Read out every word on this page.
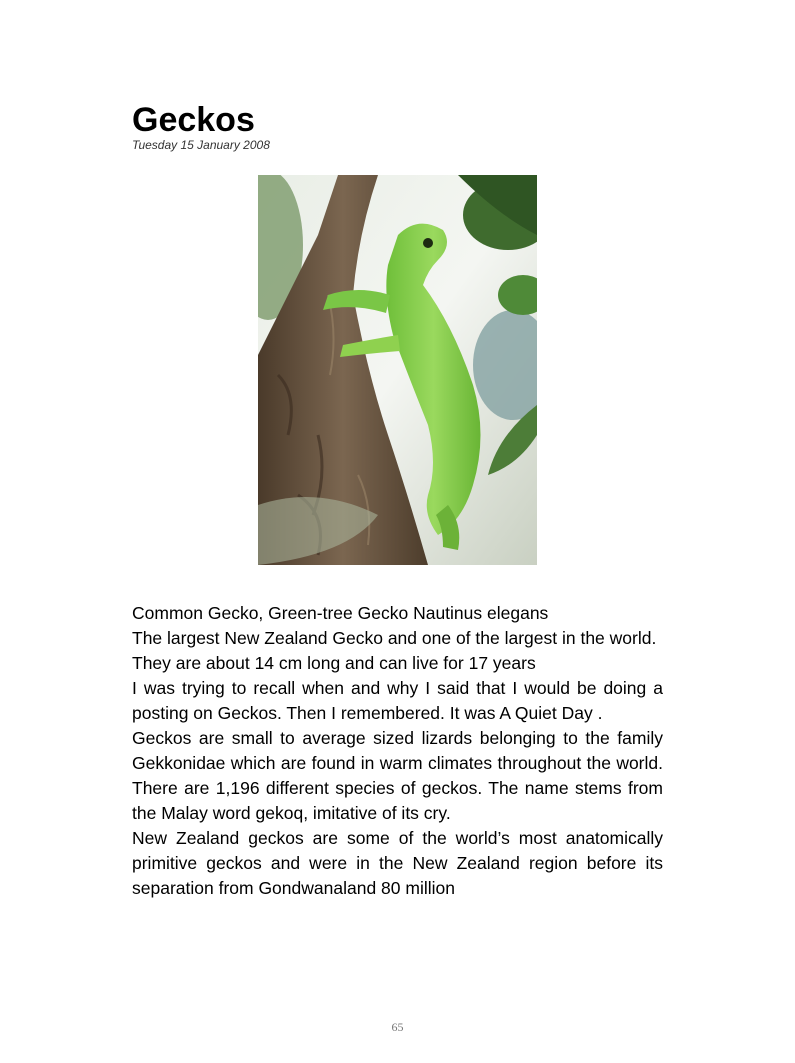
Geckos
Tuesday 15 January 2008

Common Gecko, Green-tree Gecko Nautinus elegans

The largest New Zealand Gecko and one of the largest in the world.

They are about 14 cm long and can live for 17 years

I was trying to recall when and why I said that I would be doing a posting on Geckos. Then I remembered. It was A Quiet Day .

Geckos are small to average sized lizards belonging to the family Gekkonidae which are found in warm climates throughout the world. There are 1,196 different species of geckos. The name stems from the Malay word gekoq, imitative of its cry.

New Zealand geckos are some of the world’s most anatomically primitive geckos and were in the New Zealand region before its separation from Gondwanaland 80 million

65
